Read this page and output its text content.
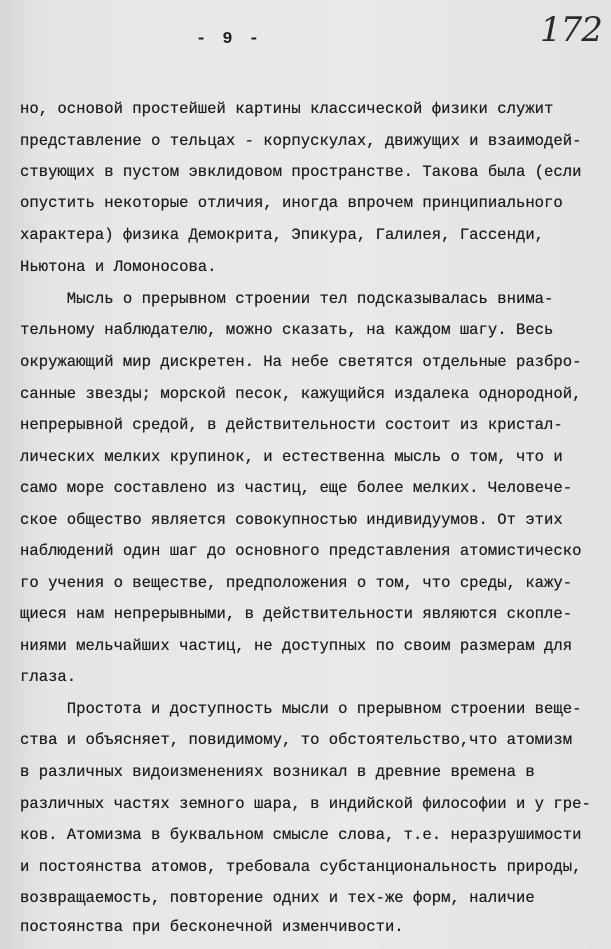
- 9 -	172
но, основой простейшей картины классической физики служит
представление о тельцах - корпускулах, движущих и взаимодей-
ствующих в пустом эвклидовом пространстве. Такова была (если
опустить некоторые отличия, иногда впрочем принципиального
характера) физика Демокрита, Эпикура, Галилея, Гассенди,
Ньютона и Ломоносова.
Мысль о прерывном строении тел подсказывалась внима-
тельному наблюдателю, можно сказать, на каждом шагу. Весь
окружающий мир дискретен. На небе светятся отдельные разбро-
санные звезды; морской песок, кажущийся издалека однородной,
непрерывной средой, в действительности состоит из кристал-
лических мелких крупинок, и естественна мысль о том, что и
само море составлено из частиц, еще более мелких. Человече-
ское общество является совокупностью индивидуумов. От этих
наблюдений один шаг до основного представления атомистическо
го учения о веществе, предположения о том, что среды, кажу-
щиеся нам непрерывными, в действительности являются скопле-
ниями мельчайших частиц, не доступных по своим размерам для
глаза.
Простота и доступность мысли о прерывном строении веще-
ства и объясняет, повидимому, то обстоятельство,что атомизм
в различных видоизменениях возникал в древние времена в
различных частях земного шара, в индийской философии и у гре-
ков. Атомизма в буквальном смысле слова, т.е. неразрушимости
и постоянства атомов, требовала субстанциональность природы,
возвращаемость, повторение одних и тех-же форм, наличие
постоянства при бесконечной изменчивости.
